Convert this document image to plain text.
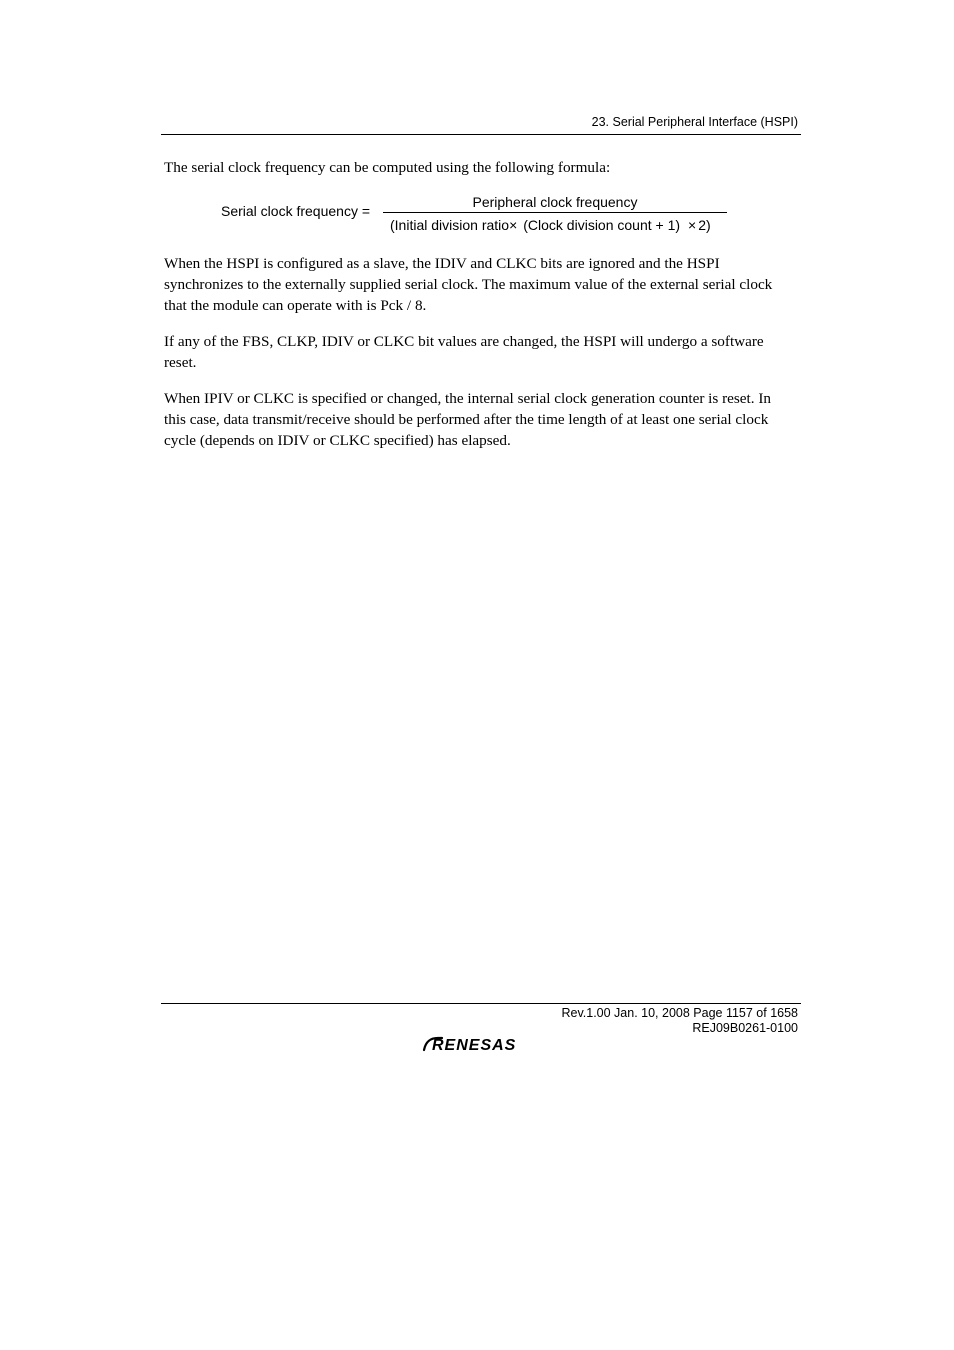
23. Serial Peripheral Interface (HSPI)
The serial clock frequency can be computed using the following formula:
Serial clock frequency =
Peripheral clock frequency
(Initial division ratio× (Clock division count + 1) × 2)
When the HSPI is configured as a slave, the IDIV and CLKC bits are ignored and the HSPI synchronizes to the externally supplied serial clock. The maximum value of the external serial clock that the module can operate with is Pck / 8.
If any of the FBS, CLKP, IDIV or CLKC bit values are changed, the HSPI will undergo a software reset.
When IPIV or CLKC is specified or changed, the internal serial clock generation counter is reset. In this case, data transmit/receive should be performed after the time length of at least one serial clock cycle (depends on IDIV or CLKC specified) has elapsed.
Rev.1.00 Jan. 10, 2008 Page 1157 of 1658
REJ09B0261-0100
RENESAS
